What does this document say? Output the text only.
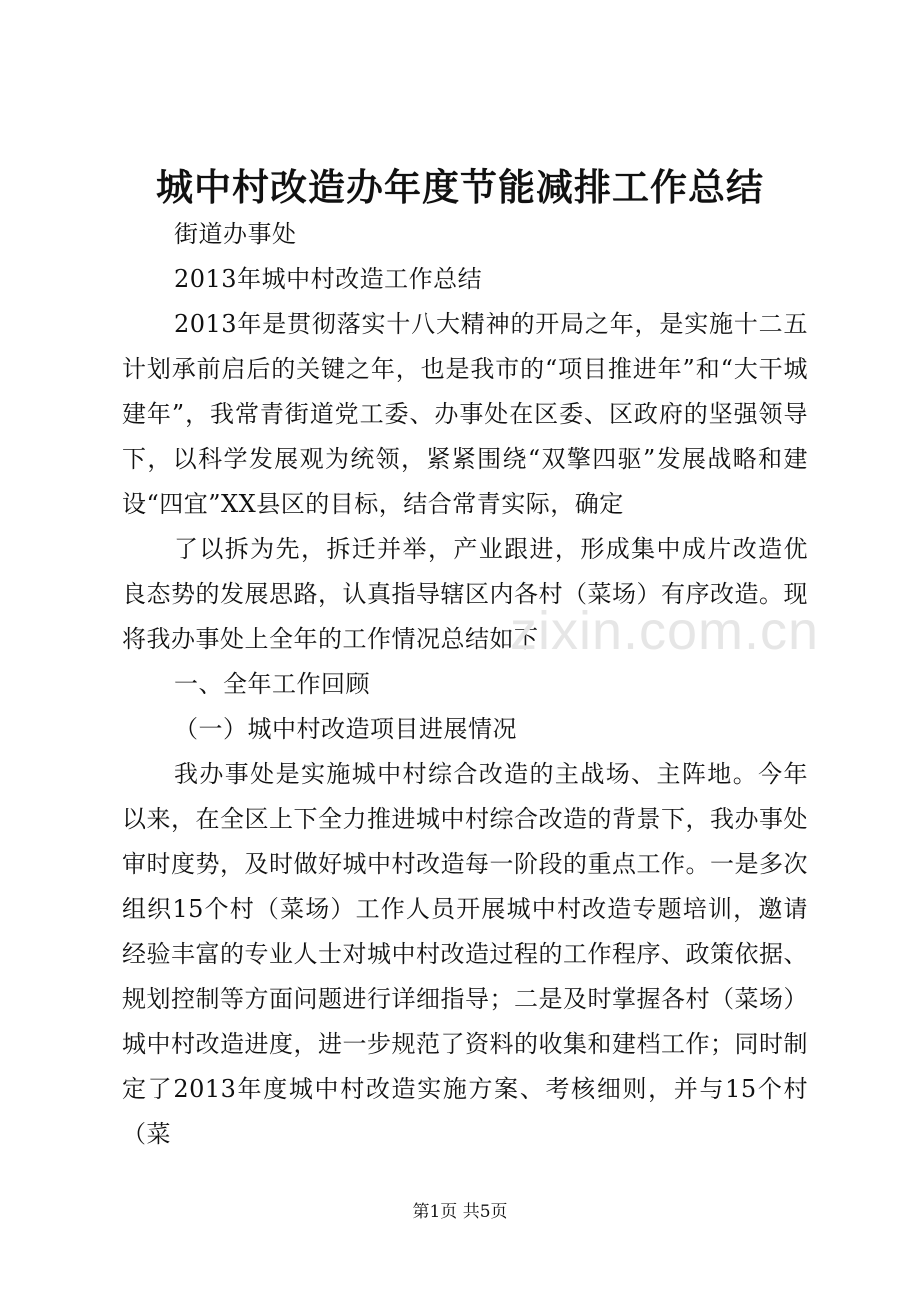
城中村改造办年度节能减排工作总结

街道办事处

2013年城中村改造工作总结

2013年是贯彻落实十八大精神的开局之年，是实施十二五计划承前启后的关键之年，也是我市的“项目推进年”和“大干城建年”，我常青街道党工委、办事处在区委、区政府的坚强领导下，以科学发展观为统领，紧紧围绕“双擎四驱”发展战略和建设“四宜”XX县区的目标，结合常青实际，确定

了以拆为先，拆迁并举，产业跟进，形成集中成片改造优良态势的发展思路，认真指导辖区内各村（菜场）有序改造。现将我办事处上全年的工作情况总结如下：

一、全年工作回顾

（一）城中村改造项目进展情况

我办事处是实施城中村综合改造的主战场、主阵地。今年以来，在全区上下全力推进城中村综合改造的背景下，我办事处审时度势，及时做好城中村改造每一阶段的重点工作。一是多次组织15个村（菜场）工作人员开展城中村改造专题培训，邀请经验丰富的专业人士对城中村改造过程的工作程序、政策依据、规划控制等方面问题进行详细指导；二是及时掌握各村（菜场）城中村改造进度，进一步规范了资料的收集和建档工作；同时制定了2013年度城中村改造实施方案、考核细则，并与15个村（菜

zixin.com.cn
第1页 共5页
